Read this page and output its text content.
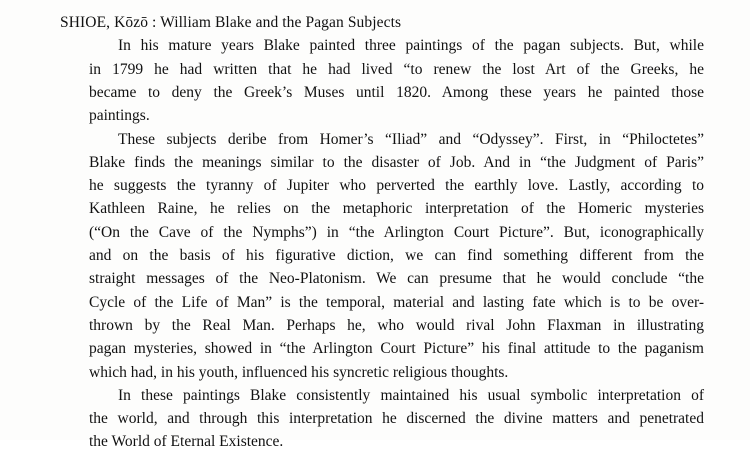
SHIOE, Kōzō : William Blake and the Pagan Subjects
In his mature years Blake painted three paintings of the pagan subjects. But, while
in 1799 he had written that he had lived “to renew the lost Art of the Greeks, he
became to deny the Greek’s Muses until 1820. Among these years he painted those
paintings.
These subjects deribe from Homer’s “Iliad” and “Odyssey”. First, in “Philoctetes”
Blake finds the meanings similar to the disaster of Job. And in “the Judgment of Paris”
he suggests the tyranny of Jupiter who perverted the earthly love. Lastly, according to
Kathleen Raine, he relies on the metaphoric interpretation of the Homeric mysteries
(“On the Cave of the Nymphs”) in “the Arlington Court Picture”. But, iconographically
and on the basis of his figurative diction, we can find something different from the
straight messages of the Neo-Platonism. We can presume that he would conclude “the
Cycle of the Life of Man” is the temporal, material and lasting fate which is to be over-
thrown by the Real Man. Perhaps he, who would rival John Flaxman in illustrating
pagan mysteries, showed in “the Arlington Court Picture” his final attitude to the paganism
which had, in his youth, influenced his syncretic religious thoughts.
In these paintings Blake consistently maintained his usual symbolic interpretation of
the world, and through this interpretation he discerned the divine matters and penetrated
the World of Eternal Existence.
